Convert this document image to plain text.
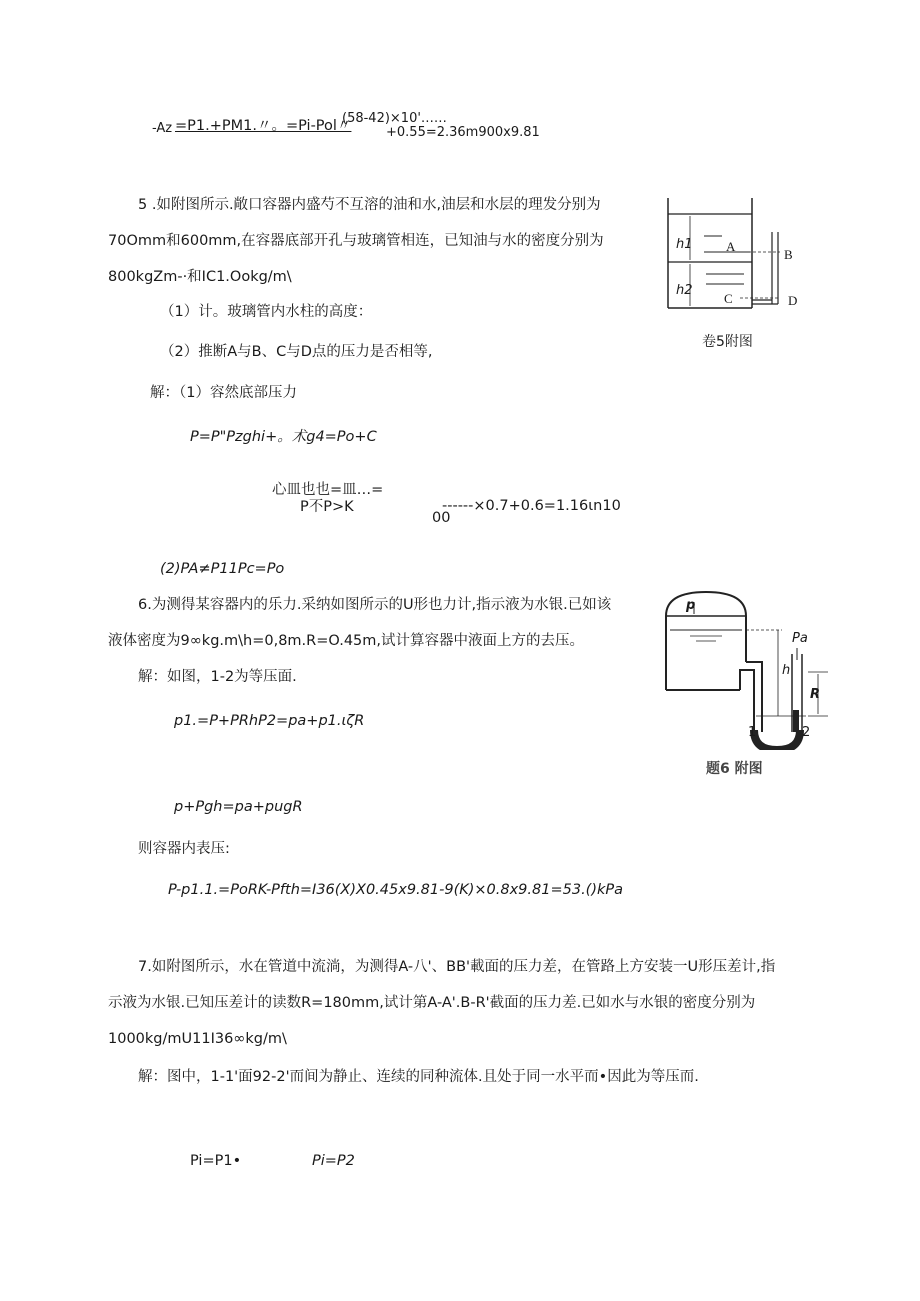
-Az =P1.+PM1.〃。=Pi-Pol〃
(58-42)×10'……
+0.55=2.36m900x9.81
5 .如附图所示.敞口容器内盛芍不互溶的油和水,油层和水层的理发分别为
70Omm和600mm,在容器底部开孔与玻璃管相连，已知油与水的密度分别为
800kgZm-·和IC1.Ookg∕m\
（1）计。玻璃管内水柱的高度：
（2）推断A与B、C与D点的压力是否相等,
解：（1）容然底部压力
P=P"Pzghi+。术g4=Po+C
心皿也也=皿…=
P不P>K	------×0.7+0.6=1.16ιn10
00
(2)PA≠P11Pc=Po
h1
h2
A
B
C	D
卷5附图
6.为测得某容器内的乐力.采纳如图所示的U形也力计,指示液为水银.已如该
液体密度为9∞kg.m\h=0,8m.R=O.45m,试计算容器中液面上方的去压。
解：如图，1-2为等压面.
p1.=P+PRhP2=pa+p1.ιζR
p+Pgh=pa+pugR
则容器内表压:
P-p1.1.=PoRK-Pfth=I36(X)X0.45x9.81-9(K)×0.8x9.81=53.()kPa
p
Pa
h
R
1	2
题6 附图
7.如附图所示，水在管道中流淌，为测得A-八'、BB'載面的压力差，在管路上方安装一U形压差计,指
示液为水银.已知压差计的读数R=180mm,试计第A-A'.B-R'截面的压力差.已如水与水银的密度分别为
1000kg∕mU11I36∞kg∕m\
解：图中，1-1'面92-2'而间为静止、连续的同种流体.且处于同一水平而•因此为等压而.
Pi=P1•	Pi=P2
